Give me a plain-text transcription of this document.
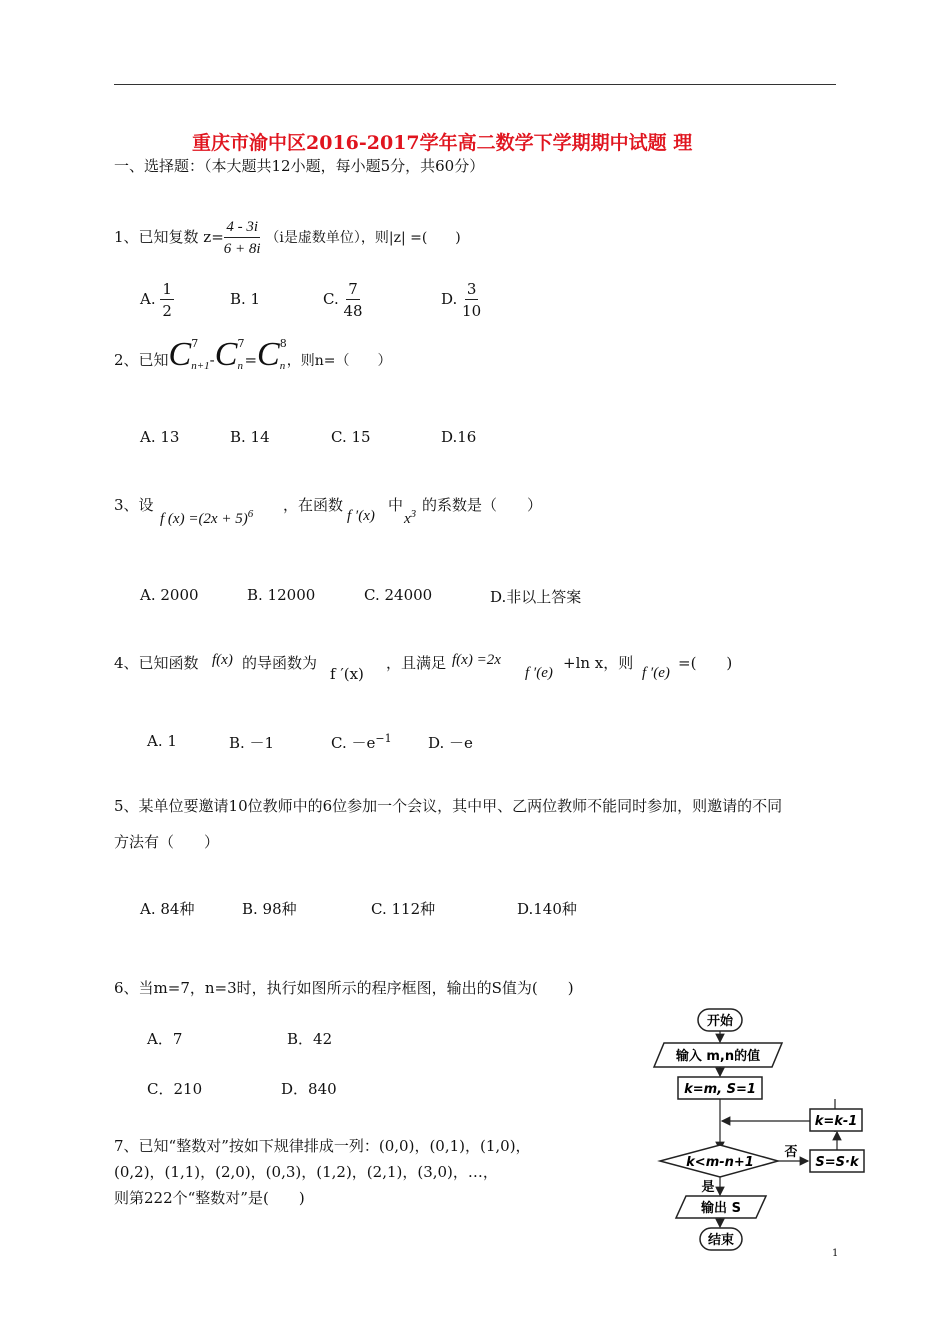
重庆市渝中区2016-2017学年高二数学下学期期中试题 理
一、选择题：（本大题共12小题，每小题5分，共60分）
1、已知复数 $z= \frac{4 - 3i}{6 + 8i} (i$是虚数单位），则|z| =(　　)
A. $\frac{1}{2}$	B. 1	C. $\frac{7}{48}$	D. $\frac{3}{10}$
2、已知C 7
n+1 -C 7
n =C 8
n ，则n=（　　）
A. 13	B. 14	C. 15	D.16
3、设
f $(x) =(2x + 5)^6$ ，在函数
f ′(x)
中
$x^3$ 的系数是（　　）
A. 2000	B. 12000	C. 24000	D.非以上答案
4、已知函数 f(x) 的导函数为
f ′(x)
，且满足 f(x) =2x
f ′(e)
+ln x，则
f ′(e)
=(　　)
A. 1	B. －1	C. $-e^{-1}$ D. －e
5、某单位要邀请10位教师中的6位参加一个会议，其中甲、乙两位教师不能同时参加，则邀请的不同
方法有（　　）
A. 84种	B. 98种	C. 112种	D.140种
6、当m=7，n=3时，执行如图所示的程序框图，输出的S值为(　　)
A．7	B．42
C．210	D．840
7、已知“整数对”按如下规律排成一列：(0,0)，(0,1)，(1,0)，
(0,2)，(1,1)，(2,0)，(0,3)，(1,2)，(2,1)，(3,0)，…，
则第222个“整数对”是(　　)
开始
输入 m,n的值
k=m, S=1
k=k-1
k<m-n+1
否
S=S·k
是
输出 S
结束
1
